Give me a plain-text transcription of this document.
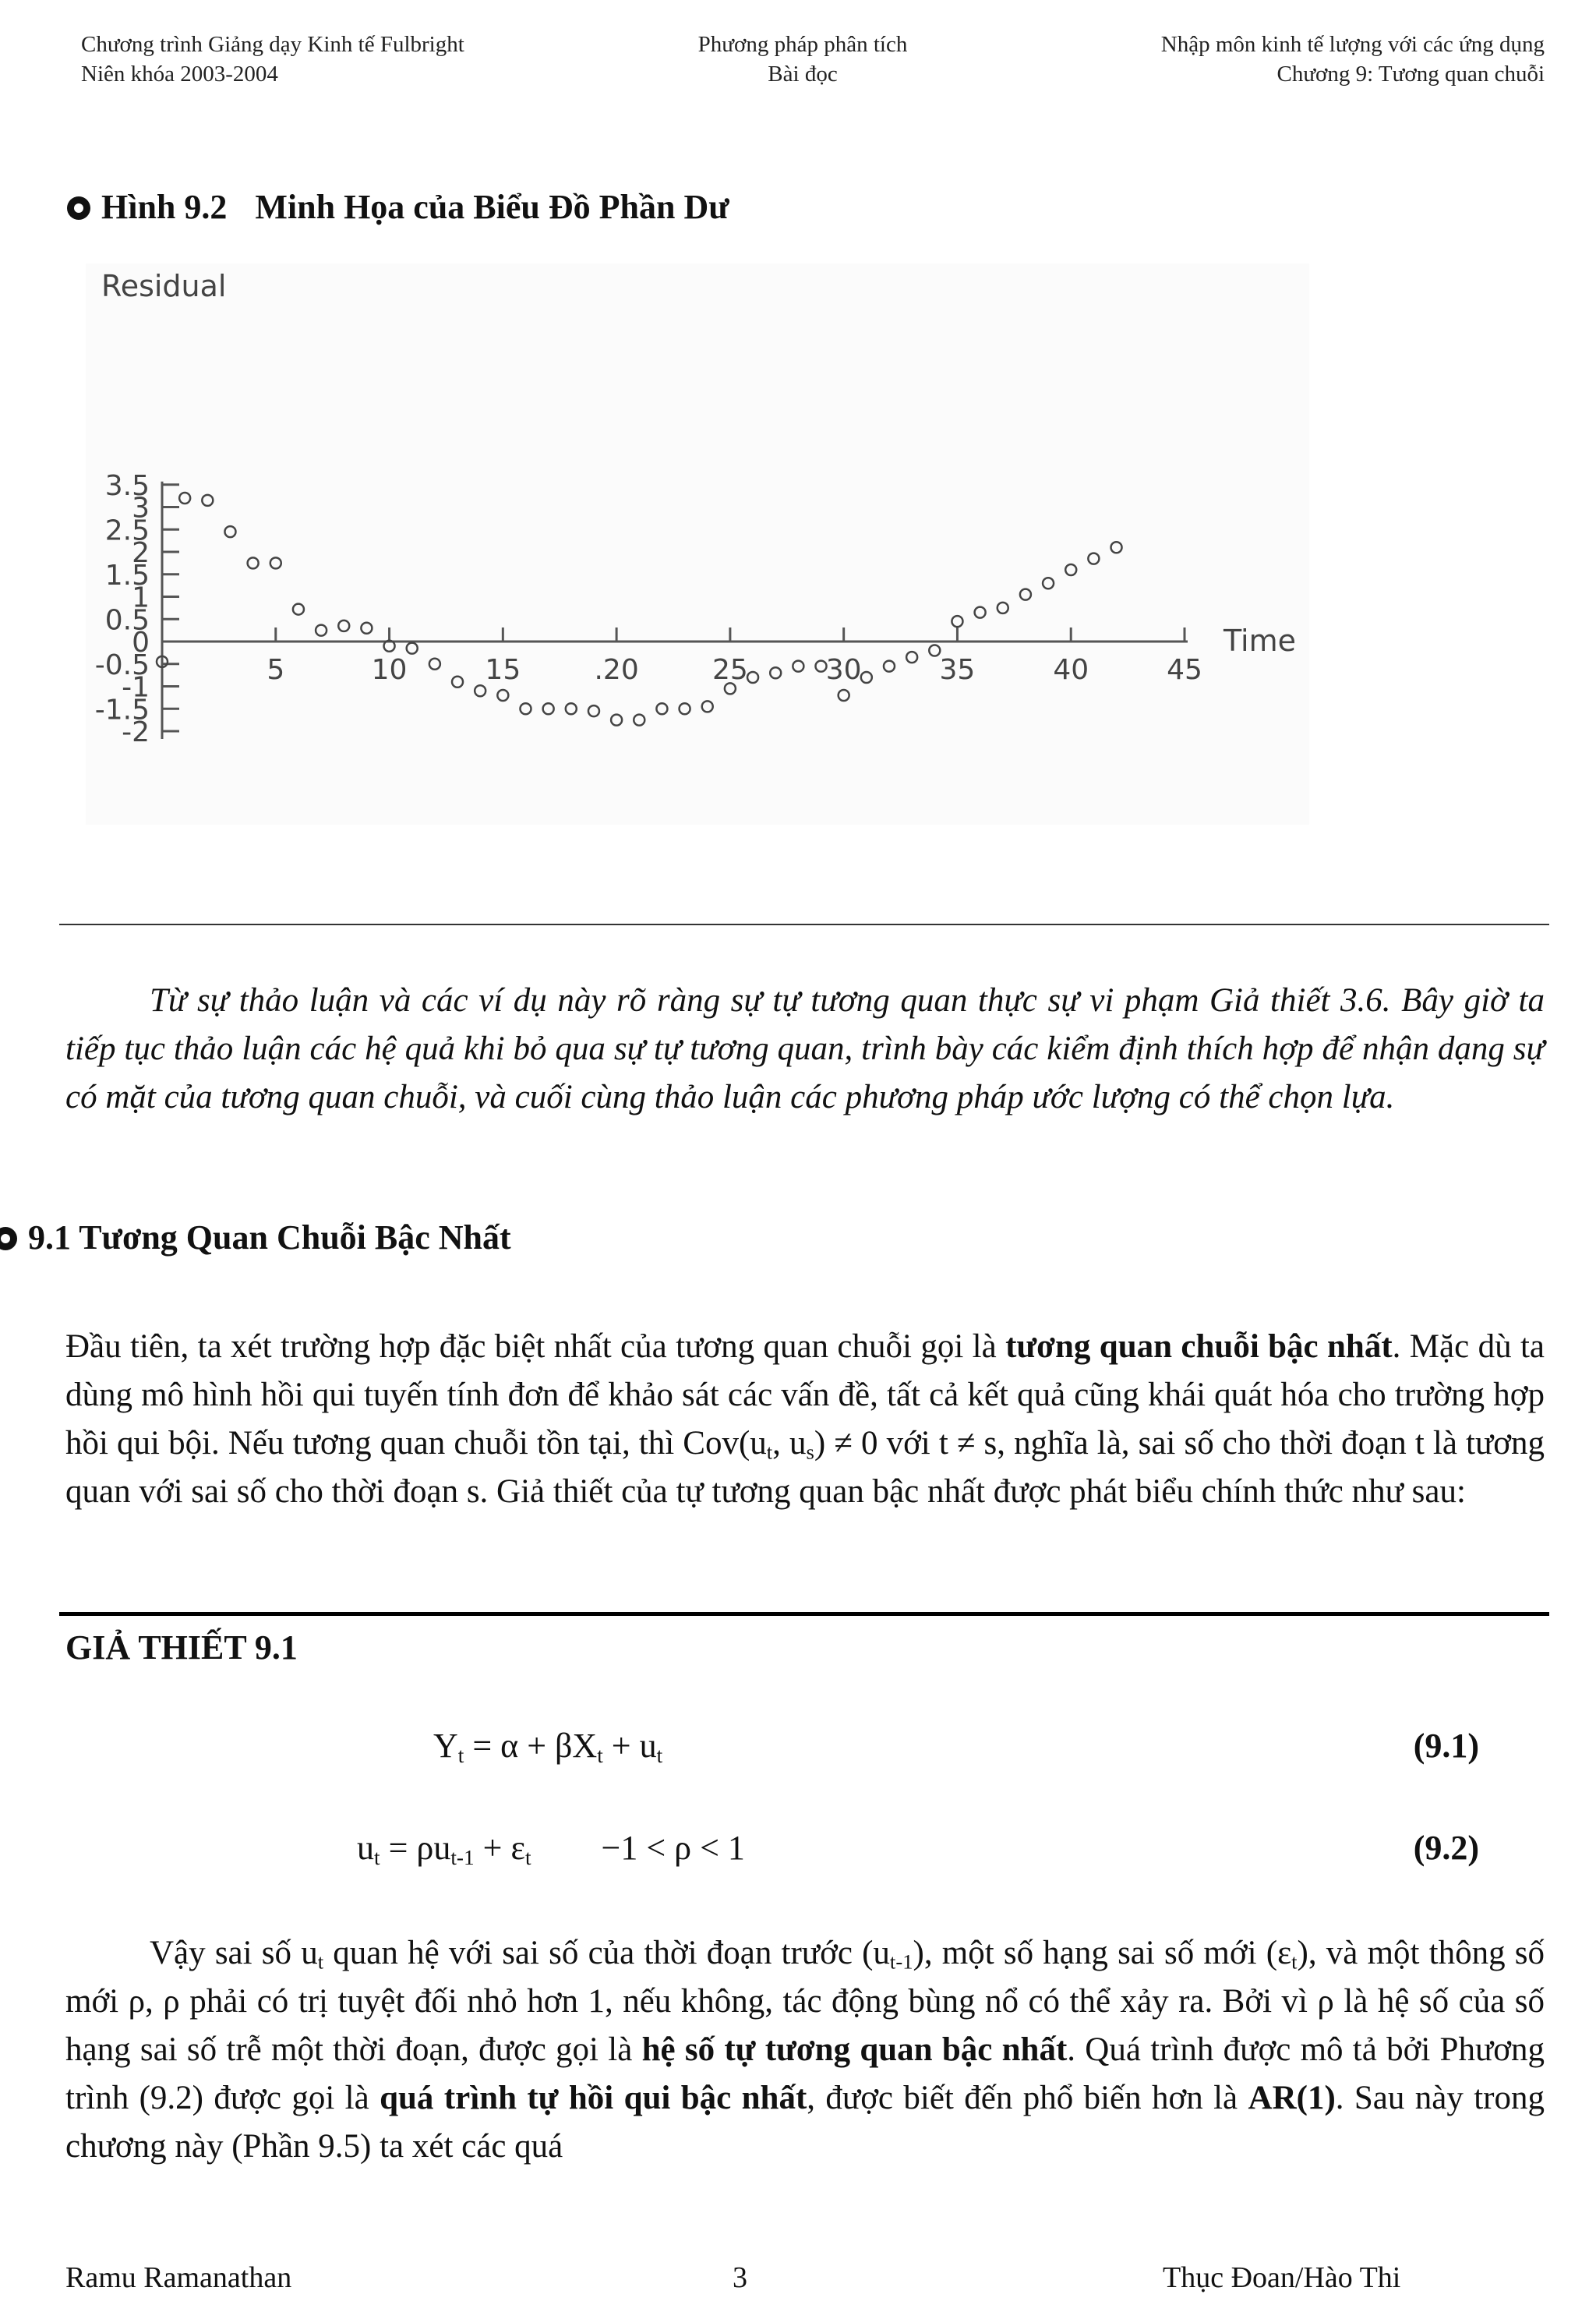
Chương trình Giảng dạy Kinh tế Fulbright
Niên khóa 2003-2004
Phương pháp phân tích
Bài đọc
Nhập môn kinh tế lượng với các ứng dụng
Chương 9: Tương quan chuỗi
Hình 9.2 Minh Họa của Biểu Đồ Phần Dư
Residual
Time
3.5
3
2.5
2
1.5
1
0.5
0
-0.5
-1
-1.5
-2
5	10	15	.20	25	30	35	40	45
Từ sự thảo luận và các ví dụ này rõ ràng sự tự tương quan thực sự vi phạm Giả thiết 3.6. Bây giờ ta tiếp tục thảo luận các hệ quả khi bỏ qua sự tự tương quan, trình bày các kiểm định thích hợp để nhận dạng sự có mặt của tương quan chuỗi, và cuối cùng thảo luận các phương pháp ước lượng có thể chọn lựa.
9.1 Tương Quan Chuỗi Bậc Nhất
Đầu tiên, ta xét trường hợp đặc biệt nhất của tương quan chuỗi gọi là tương quan chuỗi bậc nhất. Mặc dù ta dùng mô hình hồi qui tuyến tính đơn để khảo sát các vấn đề, tất cả kết quả cũng khái quát hóa cho trường hợp hồi qui bội. Nếu tương quan chuỗi tồn tại, thì $Cov(u_t$, $u_s) \ne 0$ với t ≠ s, nghĩa là, sai số cho thời đoạn t là tương quan với sai số cho thời đoạn s. Giả thiết của tự tương quan bậc nhất được phát biểu chính thức như sau:
GIẢ THIẾT 9.1
$Y_t = \alpha + \beta X_t + u_t$	(9.1)
$u_t = \rho u_{t-1} + \varepsilon_t -1 < \rho < 1$	(9.2)
Vậy sai số $u_t$ quan hệ với sai số của thời đoạn trước $(u_{t-1})$, một số hạng sai số mới $(\varepsilon_t)$, và một thông số mới ρ, ρ phải có trị tuyệt đối nhỏ hơn 1, nếu không, tác động bùng nổ có thể xảy ra. Bởi vì ρ là hệ số của số hạng sai số trễ một thời đoạn, được gọi là hệ số tự tương quan bậc nhất. Quá trình được mô tả bởi Phương trình (9.2) được gọi là quá trình tự hồi qui bậc nhất, được biết đến phổ biến hơn là AR(1). Sau này trong chương này (Phần 9.5) ta xét các quá
Ramu Ramanathan	3	Thục Đoan/Hào Thi
